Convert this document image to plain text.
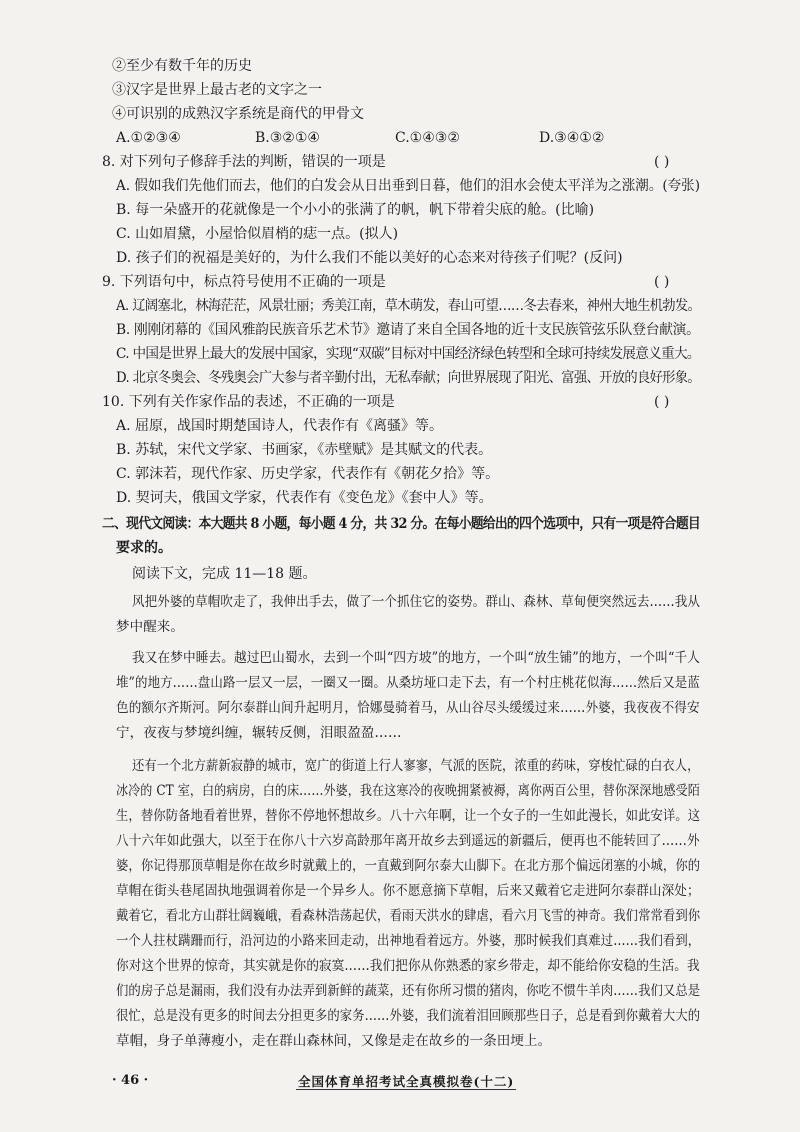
②至少有数千年的历史
③汉字是世界上最古老的文字之一
④可识别的成熟汉字系统是商代的甲骨文
A.①②③④	B.③②①④	C.①④③②	D.③④①②
8. 对下列句子修辞手法的判断，错误的一项是	( )
A. 假如我们先他们而去，他们的白发会从日出垂到日暮，他们的泪水会使太平洋为之涨潮。(夸张)
B. 每一朵盛开的花就像是一个小小的张满了的帆，帆下带着尖底的舱。(比喻)
C. 山如眉黛，小屋恰似眉梢的痣一点。(拟人)
D. 孩子们的祝福是美好的，为什么我们不能以美好的心态来对待孩子们呢？(反问)
9. 下列语句中，标点符号使用不正确的一项是	( )
A. 辽阔塞北，林海茫茫，风景壮丽；秀美江南，草木萌发，春山可望……冬去春来，神州大地生机勃发。
B. 刚刚闭幕的《国风雅韵民族音乐艺术节》邀请了来自全国各地的近十支民族管弦乐队登台献演。
C. 中国是世界上最大的发展中国家，实现“双碳”目标对中国经济绿色转型和全球可持续发展意义重大。
D. 北京冬奥会、冬残奥会广大参与者辛勤付出，无私奉献；向世界展现了阳光、富强、开放的良好形象。
10. 下列有关作家作品的表述，不正确的一项是	( )
A. 屈原，战国时期楚国诗人，代表作有《离骚》等。
B. 苏轼，宋代文学家、书画家，《赤壁赋》是其赋文的代表。
C. 郭沫若，现代作家、历史学家，代表作有《朝花夕拾》等。
D. 契诃夫，俄国文学家，代表作有《变色龙》《套中人》等。
二、现代文阅读：本大题共 8 小题，每小题 4 分，共 32 分。在每小题给出的四个选项中，只有一项是符合题目
要求的。
阅读下文，完成 11—18 题。
风把外婆的草帽吹走了，我伸出手去，做了一个抓住它的姿势。群山、森林、草甸便突然远去……我从
梦中醒来。
我又在梦中睡去。越过巴山蜀水，去到一个叫“四方坡”的地方，一个叫“放生铺”的地方，一个叫“千人
堆”的地方……盘山路一层又一层，一圈又一圈。从桑坊垭口走下去，有一个村庄桃花似海……然后又是蓝
色的额尔齐斯河。阿尔泰群山间升起明月，恰娜曼骑着马，从山谷尽头缓缓过来……外婆，我夜夜不得安
宁，夜夜与梦境纠缠，辗转反侧，泪眼盈盈……
还有一个北方薪新寂静的城市，宽广的街道上行人寥寥，气派的医院，浓重的药味，穿梭忙碌的白衣人，
冰冷的 CT 室，白的病房，白的床……外婆，我在这寒冷的夜晚拥紧被褥，离你两百公里，替你深深地感受陌
生，替你防备地看着世界，替你不停地怀想故乡。八十六年啊，让一个女子的一生如此漫长，如此安详。这
八十六年如此强大，以至于在你八十六岁高龄那年离开故乡去到遥远的新疆后，便再也不能转回了……外
婆，你记得那顶草帽是你在故乡时就戴上的，一直戴到阿尔泰大山脚下。在北方那个偏远闭塞的小城，你的
草帽在街头巷尾固执地强调着你是一个异乡人。你不愿意摘下草帽，后来又戴着它走进阿尔泰群山深处；
戴着它，看北方山群壮阔巍峨，看森林浩荡起伏，看雨天洪水的肆虐，看六月飞雪的神奇。我们常常看到你
一个人拄杖蹒跚而行，沿河边的小路来回走动，出神地看着远方。外婆，那时候我们真难过……我们看到，
你对这个世界的惊奇，其实就是你的寂寞……我们把你从你熟悉的家乡带走，却不能给你安稳的生活。我
们的房子总是漏雨，我们没有办法弄到新鲜的蔬菜，还有你所习惯的猪肉，你吃不惯牛羊肉……我们又总是
很忙，总是没有更多的时间去分担更多的家务……外婆，我们流着泪回顾那些日子，总是看到你戴着大大的
草帽，身子单薄瘦小，走在群山森林间，又像是走在故乡的一条田埂上。
· 46 ·	全国体育单招考试全真模拟卷(十二)
